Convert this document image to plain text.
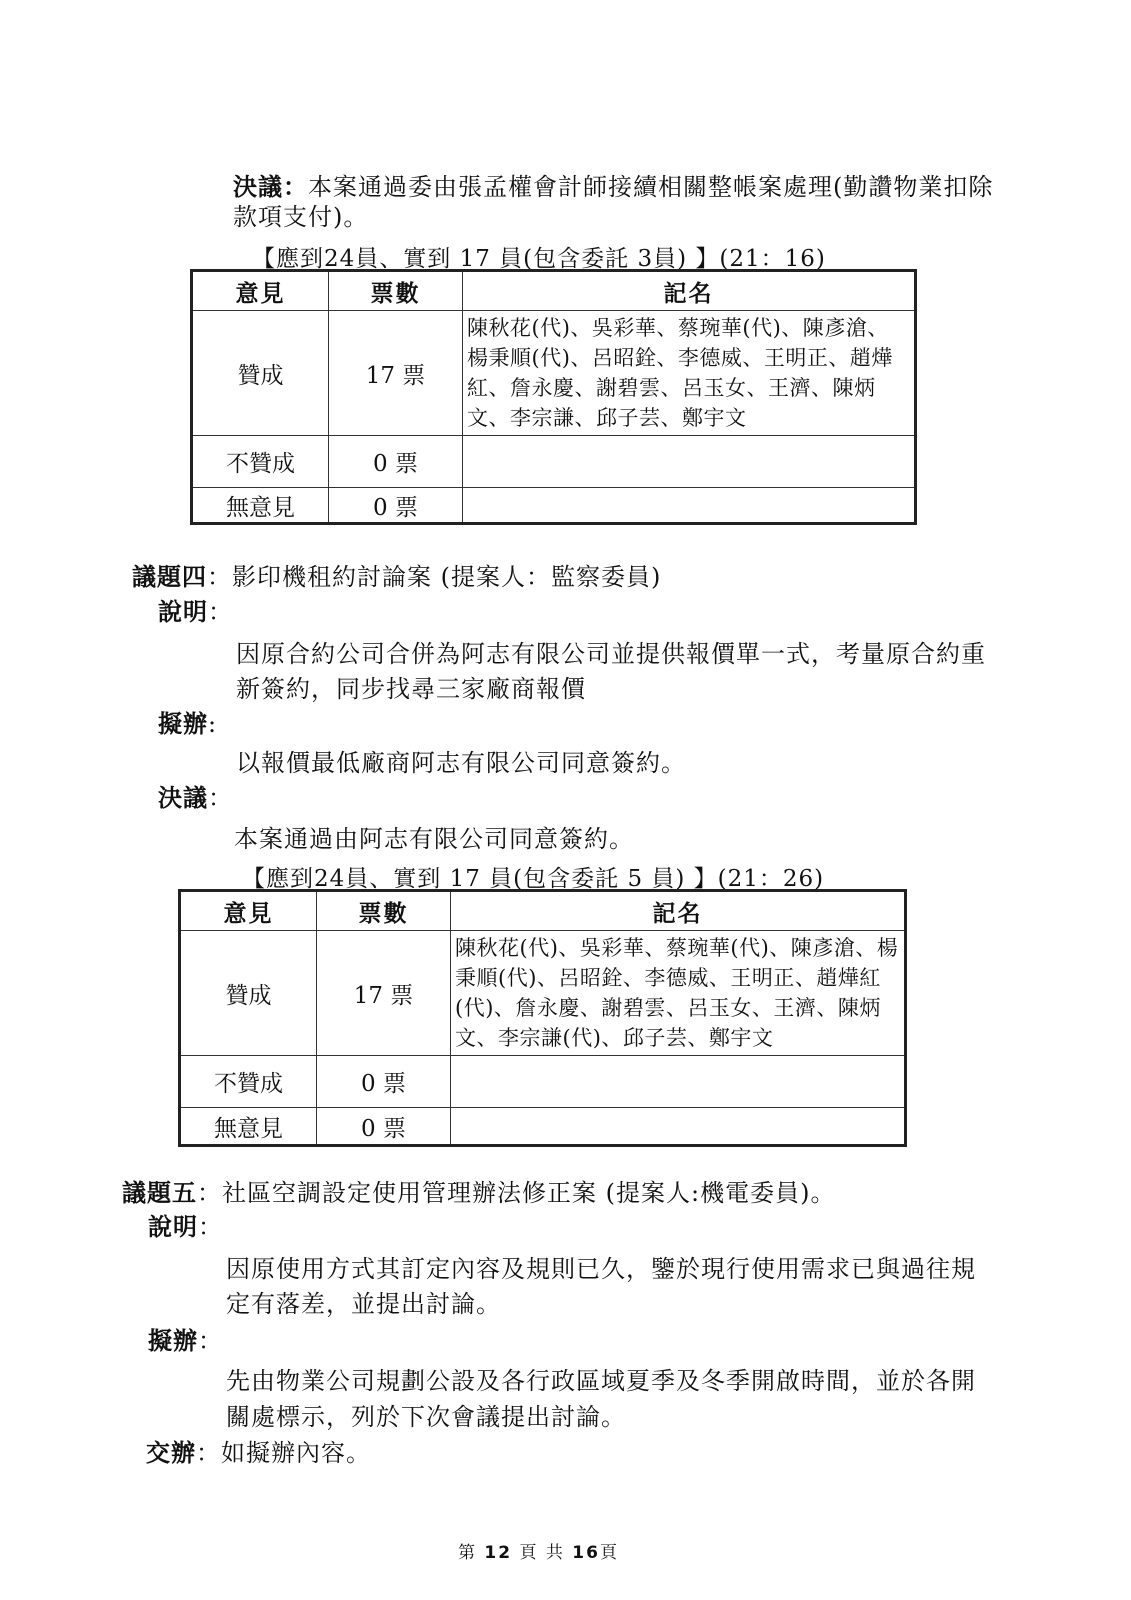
決議：本案通過委由張孟權會計師接續相關整帳案處理(勤讚物業扣除
款項支付)。
【應到24員、實到 17 員(包含委託 3員) 】(21：16)
意見	票數	記名
贊成	17 票	陳秋花(代)、吳彩華、蔡琬華(代)、陳彥滄、楊秉順(代)、呂昭銓、李德威、王明正、趙燁紅、詹永慶、謝碧雲、呂玉女、王濟、陳炳文、李宗謙、邱子芸、鄭宇文
不贊成	0 票	
無意見	0 票	
議題四：影印機租約討論案 (提案人：監察委員)
說明：
因原合約公司合併為阿志有限公司並提供報價單一式，考量原合約重
新簽約，同步找尋三家廠商報價
擬辦:
以報價最低廠商阿志有限公司同意簽約。
決議：
本案通過由阿志有限公司同意簽約。
【應到24員、實到 17 員(包含委託 5 員) 】(21：26)
意見	票數	記名
贊成	17 票	陳秋花(代)、吳彩華、蔡琬華(代)、陳彥滄、楊秉順(代)、呂昭銓、李德威、王明正、趙燁紅(代)、詹永慶、謝碧雲、呂玉女、王濟、陳炳文、李宗謙(代)、邱子芸、鄭宇文
不贊成	0 票	
無意見	0 票	
議題五：社區空調設定使用管理辦法修正案 (提案人:機電委員)。
說明：
因原使用方式其訂定內容及規則已久，鑒於現行使用需求已與過往規
定有落差，並提出討論。
擬辦：
先由物業公司規劃公設及各行政區域夏季及冬季開啟時間，並於各開
關處標示，列於下次會議提出討論。
交辦：如擬辦內容。
第 12 頁 共 16頁
